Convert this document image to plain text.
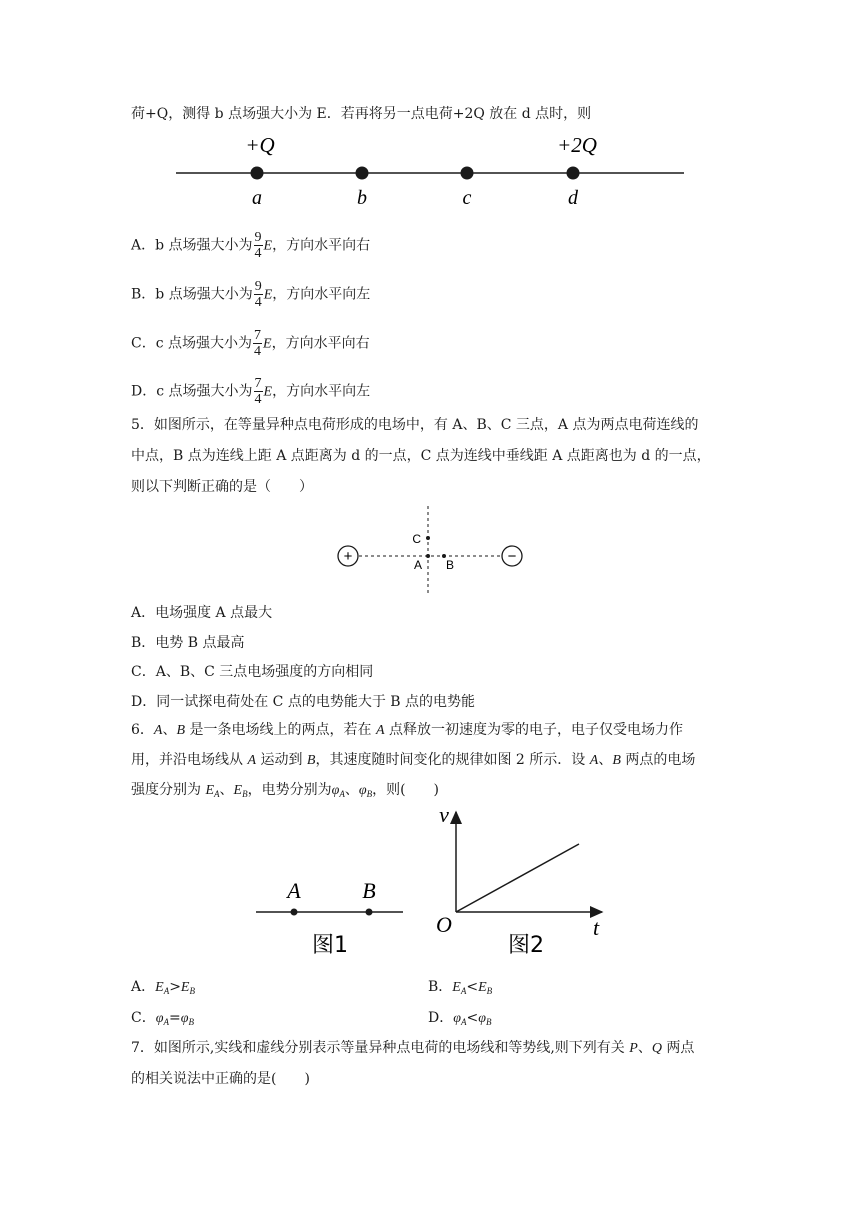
荷+Q，测得 b 点场强大小为 E．若再将另一点电荷+2Q 放在 d 点时，则
+Q	+2Q
a	b	c	d
A．b 点场强大小为 $\frac{9}{4}$ E，方向水平向右
B．b 点场强大小为 $\frac{9}{4}$ E，方向水平向左
C．c 点场强大小为 $\frac{7}{4}$ E，方向水平向右
D．c 点场强大小为 $\frac{7}{4}$ E，方向水平向左
5．如图所示，在等量异种点电荷形成的电场中，有 A、B、C 三点，A 点为两点电荷连线的
中点，B 点为连线上距 A 点距离为 d 的一点，C 点为连线中垂线距 A 点距离也为 d 的一点，
则以下判断正确的是（　　）
+	−
C
A B
A．电场强度 A 点最大
B．电势 B 点最高
C．A、B、C 三点电场强度的方向相同
D．同一试探电荷处在 C 点的电势能大于 B 点的电势能
6．A、B 是一条电场线上的两点，若在 A 点释放一初速度为零的电子，电子仅受电场力作
用，并沿电场线从 A 运动到 B，其速度随时间变化的规律如图 2 所示．设 A、B 两点的电场
强度分别为 $E_A$、$E_B$，电势分别为$\varphi_A$、$\varphi_B$，则(　　)
A	B
图1
v
O	t
图2
A．$E_A>E_B$	B．$E_A<E_B$
C．$\varphi_A=\varphi_B$	D．$\varphi_A<\varphi_B$
7．如图所示,实线和虚线分别表示等量异种点电荷的电场线和等势线,则下列有关 P、Q 两点
的相关说法中正确的是(　　)
